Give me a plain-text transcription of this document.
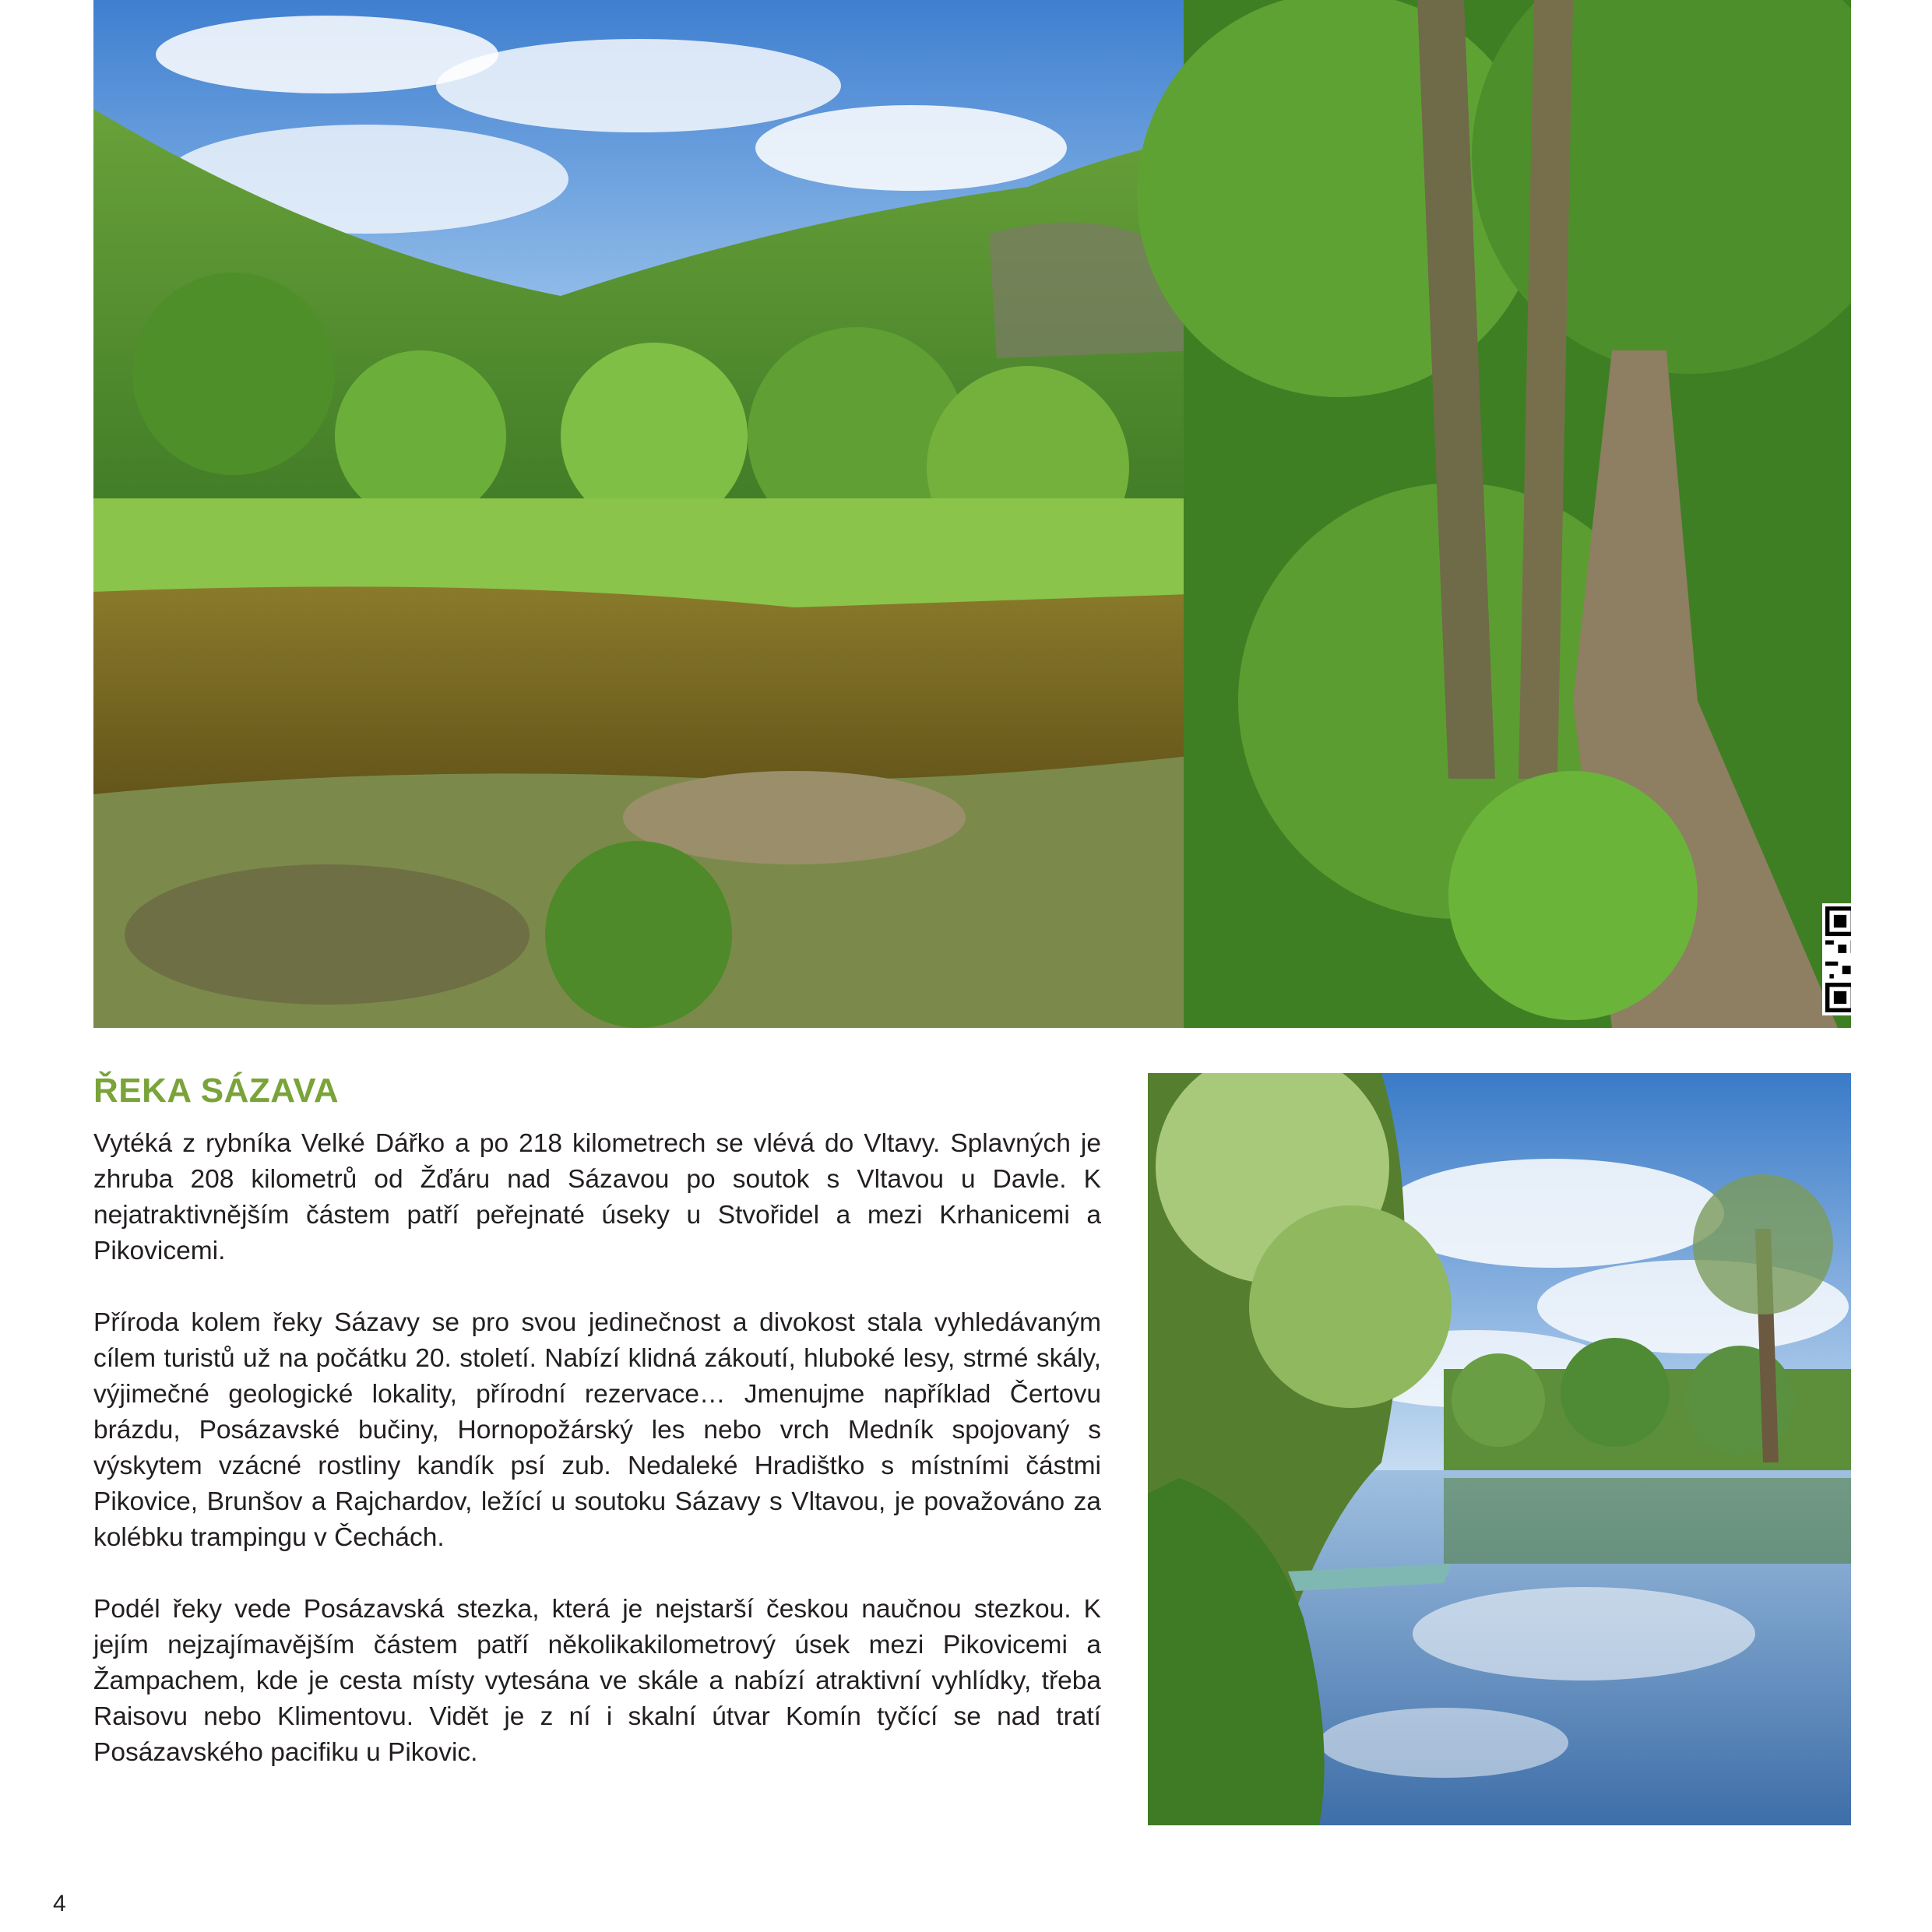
ŘEKA SÁZAVA

Vytéká z rybníka Velké Dářko a po 218 kilometrech se vlévá do Vltavy. Splavných je zhruba 208 kilometrů od Žďáru nad Sázavou po soutok s Vltavou u Davle. K nejatraktivnějším částem patří peřejnaté úseky u Stvořidel a mezi Krhanicemi a Pikovicemi.

Příroda kolem řeky Sázavy se pro svou jedinečnost a divokost stala vyhledávaným cílem turistů už na počátku 20. století. Nabízí klidná zákoutí, hluboké lesy, strmé skály, výjimečné geologické lokality, přírodní rezervace… Jmenujme například Čertovu brázdu, Posázavské bučiny, Hornopožárský les nebo vrch Medník spojovaný s výskytem vzácné rostliny kandík psí zub. Nedaleké Hradištko s místními částmi Pikovice, Brunšov a Rajchardov, ležící u soutoku Sázavy s Vltavou, je považováno za kolébku trampingu v Čechách.

Podél řeky vede Posázavská stezka, která je nejstarší českou naučnou stezkou. K jejím nejzajímavějším částem patří několikakilometrový úsek mezi Pikovicemi a Žampachem, kde je cesta místy vytesána ve skále a nabízí atraktivní vyhlídky, třeba Raisovu nebo Klimentovu. Vidět je z ní i skalní útvar Komín tyčící se nad tratí Posázavského pacifiku u Pikovic.

4
